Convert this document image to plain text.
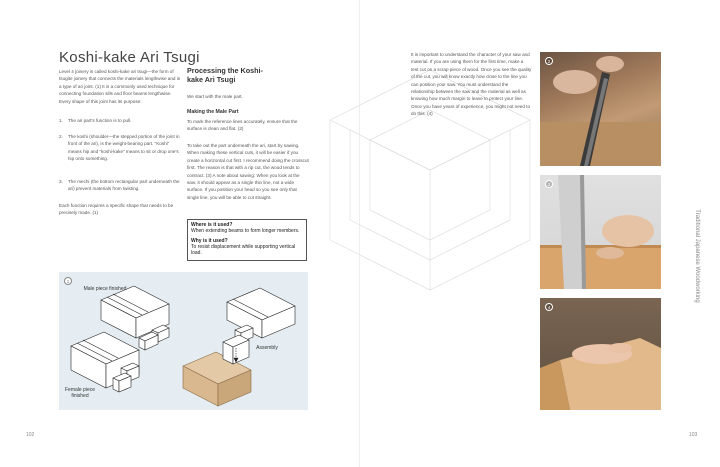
Koshi-kake Ari Tsugi

Level 4 joinery is called koshi-kake ari tsugi—the form of tsugite joinery that connects the materials lengthwise and is a type of ari joint. (1) It is a commonly used technique for connecting foundation sills and floor beams lengthwise. Every shape of this joint has its purpose:

1. The ari part's function is to pull.

2. The koshi (shoulder—the stepped portion of the joint in front of the ari), is the weight-bearing part. "Koshi" means hip and "koshi-kake" means to sit or drop one's hip onto something.

3. The mechi (the bottom rectangular part underneath the ari) prevent materials from twisting.

Each function requires a specific shape that needs to be precisely made. (1)

Processing the Koshi-kake Ari Tsugi

We start with the male part.

Making the Male Part

To mark the reference lines accurately, ensure that the surface is clean and flat. (2)

To take out the part underneath the ari, start by sawing. When making these vertical cuts, it will be easier if you create a horizontal cut first. I recommend doing the crosscut first. The reason is that with a rip cut, the wood tends to contract. (3) A note about sawing: When you look at the saw, it should appear as a single thin line, not a wide surface. If you position your head so you see only that single line, you will be able to cut straight.

Where is it used?
When extending beams to form longer members.
Why is it used?
To resist displacement while supporting vertical load.
1
Male piece finished
Female piece finished
Assembly
102	103

It is important to understand the character of your saw and material. If you are using them for the first time, make a test cut on a scrap piece of wood. Once you see the quality of the cut, you will know exactly how close to the line you can position your saw. You must understand the relationship between the saw and the material as well as knowing how much margin to leave to protect your line. Once you have years of experience, you might not need to do this. (4)

2
3
4
Traditional Japanese Woodworking
